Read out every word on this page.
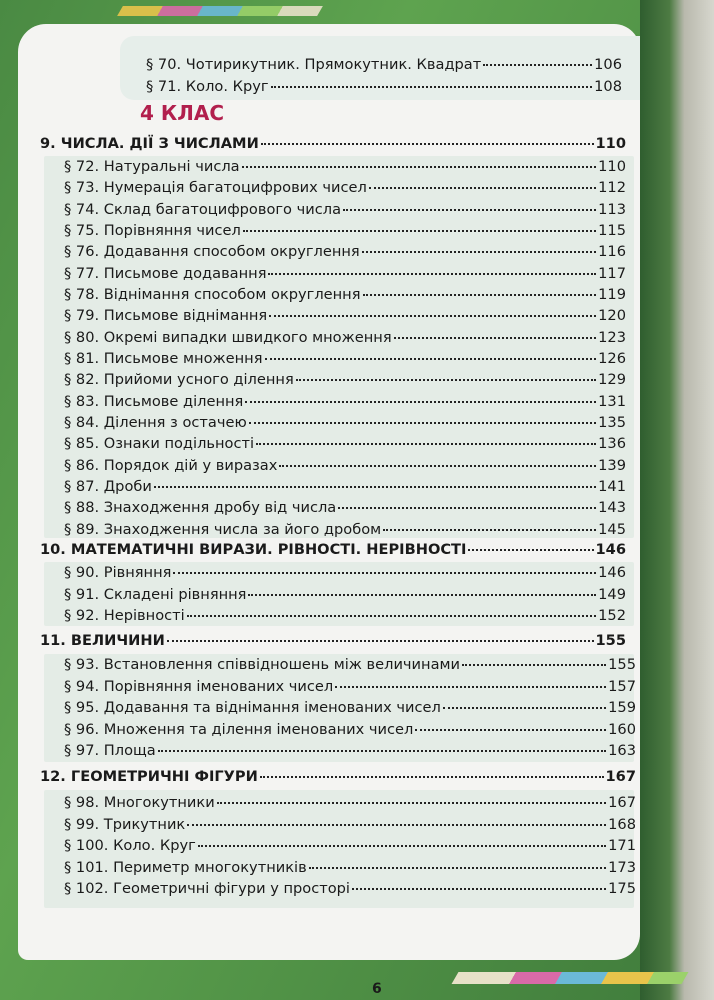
§ 70. Чотирикутник. Прямокутник. Квадрат	106
§ 71. Коло. Круг	108
4 КЛАС
9. ЧИСЛА. ДІЇ З ЧИСЛАМИ	110
§ 72. Натуральні числа	110
§ 73. Нумерація багатоцифрових чисел	112
§ 74. Склад багатоцифрового числа	113
§ 75. Порівняння чисел	115
§ 76. Додавання способом округлення	116
§ 77. Письмове додавання	117
§ 78. Віднімання способом округлення	119
§ 79. Письмове віднімання	120
§ 80. Окремі випадки швидкого множення	123
§ 81. Письмове множення	126
§ 82. Прийоми усного ділення	129
§ 83. Письмове ділення	131
§ 84. Ділення з остачею	135
§ 85. Ознаки подільності	136
§ 86. Порядок дій у виразах	139
§ 87. Дроби	141
§ 88. Знаходження дробу від числа	143
§ 89. Знаходження числа за його дробом	145
10. МАТЕМАТИЧНІ ВИРАЗИ. РІВНОСТІ. НЕРІВНОСТІ	146
§ 90. Рівняння	146
§ 91. Складені рівняння	149
§ 92. Нерівності	152
11. ВЕЛИЧИНИ	155
§ 93. Встановлення співвідношень між величинами	155
§ 94. Порівняння іменованих чисел	157
§ 95. Додавання та віднімання іменованих чисел	159
§ 96. Множення та ділення іменованих чисел	160
§ 97. Площа	163
12. ГЕОМЕТРИЧНІ ФІГУРИ	167
§ 98. Многокутники	167
§ 99. Трикутник	168
§ 100. Коло. Круг	171
§ 101. Периметр многокутників	173
§ 102. Геометричні фігури у просторі	175
6
